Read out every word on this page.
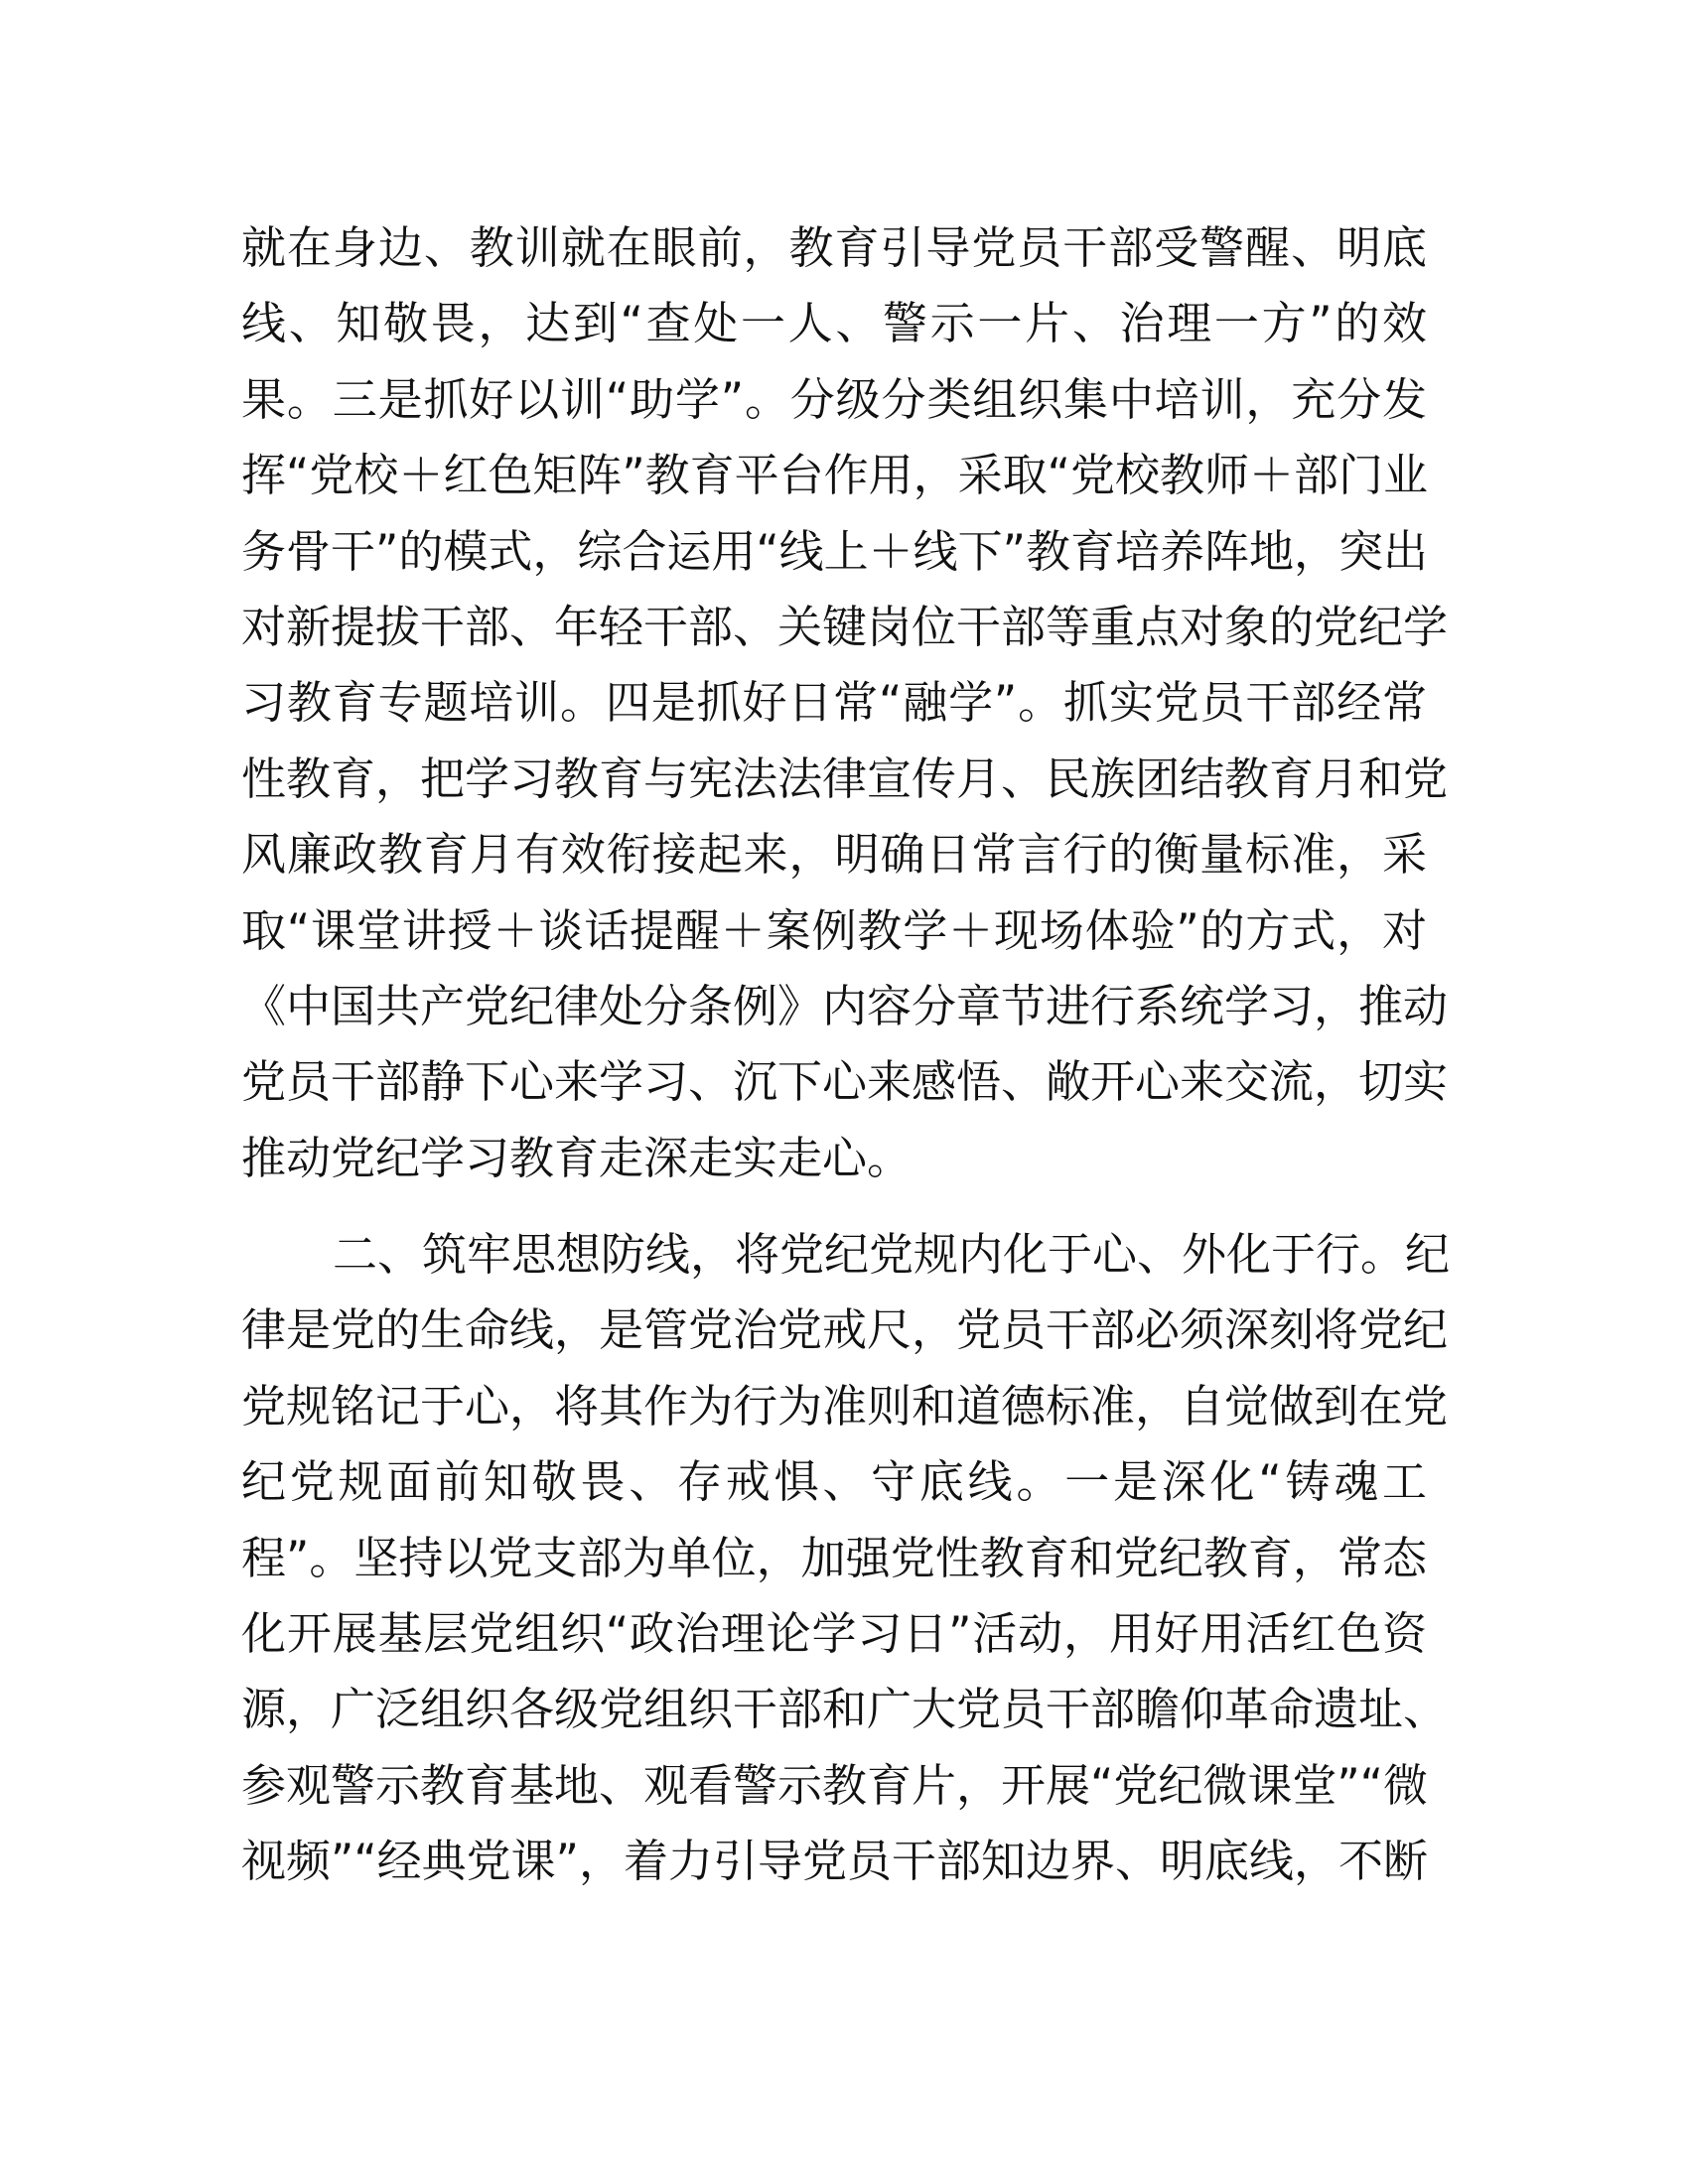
就在身边、教训就在眼前，教育引导党员干部受警醒、明底
线、知敬畏，达到“查处一人、警示一片、治理一方”的效
果。三是抓好以训“助学”。分级分类组织集中培训，充分发
挥“党校＋红色矩阵”教育平台作用，采取“党校教师＋部门业
务骨干”的模式，综合运用“线上＋线下”教育培养阵地，突出
对新提拔干部、年轻干部、关键岗位干部等重点对象的党纪学
习教育专题培训。四是抓好日常“融学”。抓实党员干部经常
性教育，把学习教育与宪法法律宣传月、民族团结教育月和党
风廉政教育月有效衔接起来，明确日常言行的衡量标准，采
取“课堂讲授＋谈话提醒＋案例教学＋现场体验”的方式，对
《中国共产党纪律处分条例》内容分章节进行系统学习，推动
党员干部静下心来学习、沉下心来感悟、敞开心来交流，切实
推动党纪学习教育走深走实走心。
二、筑牢思想防线，将党纪党规内化于心、外化于行。纪
律是党的生命线，是管党治党戒尺，党员干部必须深刻将党纪
党规铭记于心，将其作为行为准则和道德标准，自觉做到在党
纪党规面前知敬畏、存戒惧、守底线。一是深化“铸魂工
程”。坚持以党支部为单位，加强党性教育和党纪教育，常态
化开展基层党组织“政治理论学习日”活动，用好用活红色资
源，广泛组织各级党组织干部和广大党员干部瞻仰革命遗址、
参观警示教育基地、观看警示教育片，开展“党纪微课堂”“微
视频”“经典党课”，着力引导党员干部知边界、明底线，不断
